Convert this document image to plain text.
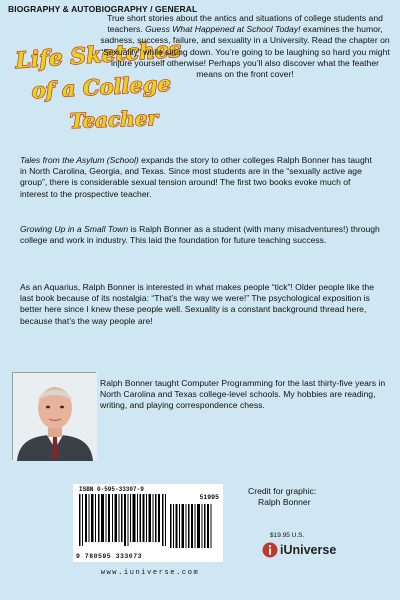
BIOGRAPHY & AUTOBIOGRAPHY / GENERAL
Life Sketches
of a College
Teacher
True short stories about the antics and situations of college students and teachers. Guess What Happened at School Today! examines the humor, sadness, success, failure, and sexuality in a University. Read the chapter on “Sexuality” while sitting down. You’re going to be laughing so hard you might injure yourself otherwise! Perhaps you’ll also discover what the feather means on the front cover!
Tales from the Asylum (School) expands the story to other colleges Ralph Bonner has taught in North Carolina, Georgia, and Texas. Since most students are in the “sexually active age group”, there is considerable sexual tension around! The first two books evoke much of interest to the prospective teacher.
Growing Up in a Small Town is Ralph Bonner as a student (with many misadventures!) through college and work in industry. This laid the foundation for future teaching success.
As an Aquarius, Ralph Bonner is interested in what makes people “tick”! Older people like the last book because of its nostalgia: “That’s the way we were!” The psychological exposition is better here since I knew these people well. Sexuality is a constant background thread here, because that’s the way people are!
Ralph Bonner taught Computer Programming for the last thirty-five years in North Carolina and Texas college-level schools. My hobbies are reading, writing, and playing correspondence chess.
ISBN 0-595-33307-9
51995
9 780595 333073
Credit for graphic:
Ralph Bonner
$19.95 U.S.
iUniverse
www.iuniverse.com
